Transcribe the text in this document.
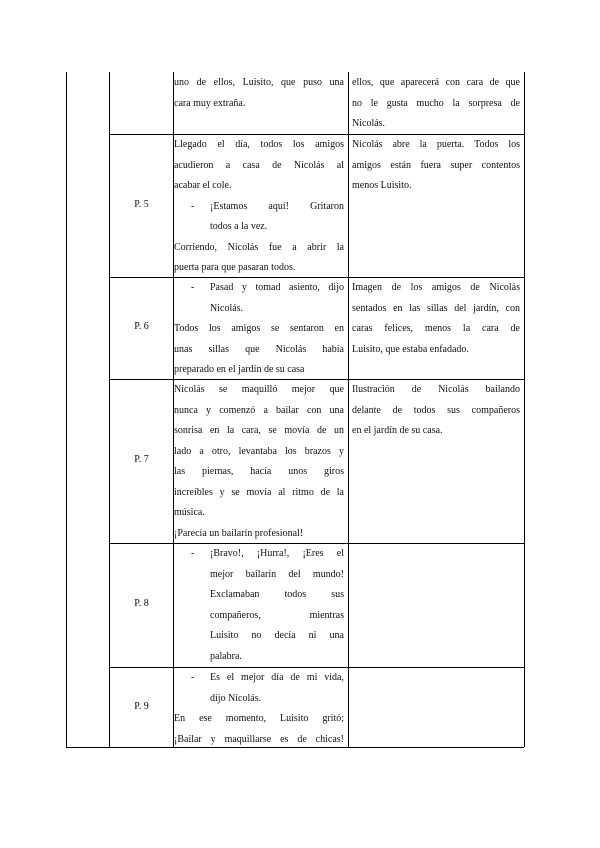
uno de ellos, Luisito, que puso una
cara muy extraña.
ellos, que aparecerá con cara de que
no le gusta mucho la sorpresa de
Nicolás.
P. 5
Llegado el día, todos los amigos
acudieron a casa de Nicolás al
acabar el cole.
- ¡Estamos aquí! Gritaron
todos a la vez.
Corriendo, Nicolás fue a abrir la
puerta para que pasaran todos.
Nicolás abre la puerta. Todos los
amigos están fuera super contentos
menos Luisito.
P. 6
- Pasad y tomad asiento, dijo
Nicolás.
Todos los amigos se sentaron en
unas sillas que Nicolás había
preparado en el jardín de su casa
Imagen de los amigos de Nicolás
sentados en las sillas del jardín, con
caras felices, menos la cara de
Luisito, que estaba enfadado.
P. 7
Nicolás se maquilló mejor que
nunca y comenzó a bailar con una
sonrisa en la cara, se movía de un
lado a otro, levantaba los brazos y
las piernas, hacía unos giros
increíbles y se movía al ritmo de la
música.
¡Parecía un bailarín profesional!
Ilustración de Nicolás bailando
delante de todos sus compañeros
en el jardín de su casa.
P. 8
- ¡Bravo!, ¡Hurra!, ¡Eres el
mejor bailarín del mundo!
Exclamaban todos sus
compañeros, mientras
Luisito no decía ni una
palabra.
P. 9
- Es el mejor día de mi vida,
dijo Nicolás.
En ese momento, Luisito gritó;
¡Bailar y maquillarse es de chicas!
